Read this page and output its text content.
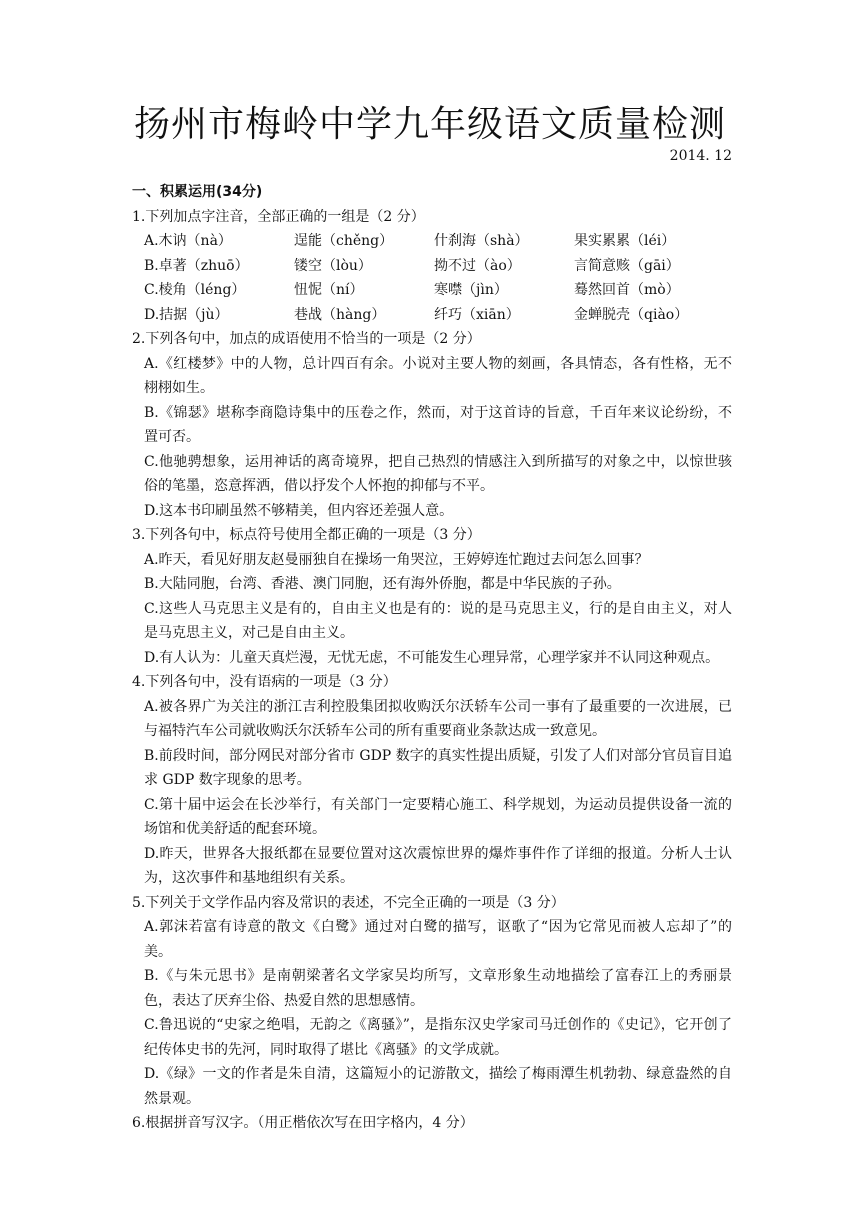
扬州市梅岭中学九年级语文质量检测
2014. 12
一、积累运用(34分)
1.下列加点字注音，全部正确的一组是（2 分）
A.木讷（nà）	逞能（chěng）	什刹海（shà）	果实累累（léi）
B.卓著（zhuō）	镂空（lòu）	拗不过（ào）	言简意赅（gāi）
C.棱角（léng）	忸怩（ní）	寒噤（jìn）	蓦然回首（mò）
D.拮据（jù）	巷战（hàng）	纤巧（xiān）	金蝉脱壳（qiào）
2.下列各句中，加点的成语使用不恰当的一项是（2 分）

A.《红楼梦》中的人物，总计四百有余。小说对主要人物的刻画，各具情态，各有性格，无不栩栩如生。

B.《锦瑟》堪称李商隐诗集中的压卷之作，然而，对于这首诗的旨意，千百年来议论纷纷，不置可否。

C.他驰骋想象，运用神话的离奇境界，把自己热烈的情感注入到所描写的对象之中，以惊世骇俗的笔墨，恣意挥洒，借以抒发个人怀抱的抑郁与不平。

D.这本书印刷虽然不够精美，但内容还差强人意。

3.下列各句中，标点符号使用全都正确的一项是（3 分）

A.昨天，看见好朋友赵曼丽独自在操场一角哭泣，王婷婷连忙跑过去问怎么回事？

B.大陆同胞，台湾、香港、澳门同胞，还有海外侨胞，都是中华民族的子孙。

C.这些人马克思主义是有的，自由主义也是有的：说的是马克思主义，行的是自由主义，对人是马克思主义，对己是自由主义。

D.有人认为：儿童天真烂漫，无忧无虑，不可能发生心理异常，心理学家并不认同这种观点。

4.下列各句中，没有语病的一项是（3 分）

A.被各界广为关注的浙江吉利控股集团拟收购沃尔沃轿车公司一事有了最重要的一次进展，已与福特汽车公司就收购沃尔沃轿车公司的所有重要商业条款达成一致意见。

B.前段时间，部分网民对部分省市 GDP 数字的真实性提出质疑，引发了人们对部分官员盲目追求 GDP 数字现象的思考。

C.第十届中运会在长沙举行，有关部门一定要精心施工、科学规划，为运动员提供设备一流的场馆和优美舒适的配套环境。

D.昨天，世界各大报纸都在显要位置对这次震惊世界的爆炸事件作了详细的报道。分析人士认为，这次事件和基地组织有关系。

5.下列关于文学作品内容及常识的表述，不完全正确的一项是（3 分）

A.郭沫若富有诗意的散文《白鹭》通过对白鹭的描写，讴歌了“因为它常见而被人忘却了”的美。

B.《与朱元思书》是南朝梁著名文学家吴均所写，文章形象生动地描绘了富春江上的秀丽景色，表达了厌弃尘俗、热爱自然的思想感情。

C.鲁迅说的“史家之绝唱，无韵之《离骚》”，是指东汉史学家司马迁创作的《史记》，它开创了纪传体史书的先河，同时取得了堪比《离骚》的文学成就。

D.《绿》一文的作者是朱自清，这篇短小的记游散文，描绘了梅雨潭生机勃勃、绿意盎然的自然景观。

6.根据拼音写汉字。（用正楷依次写在田字格内，4 分）
